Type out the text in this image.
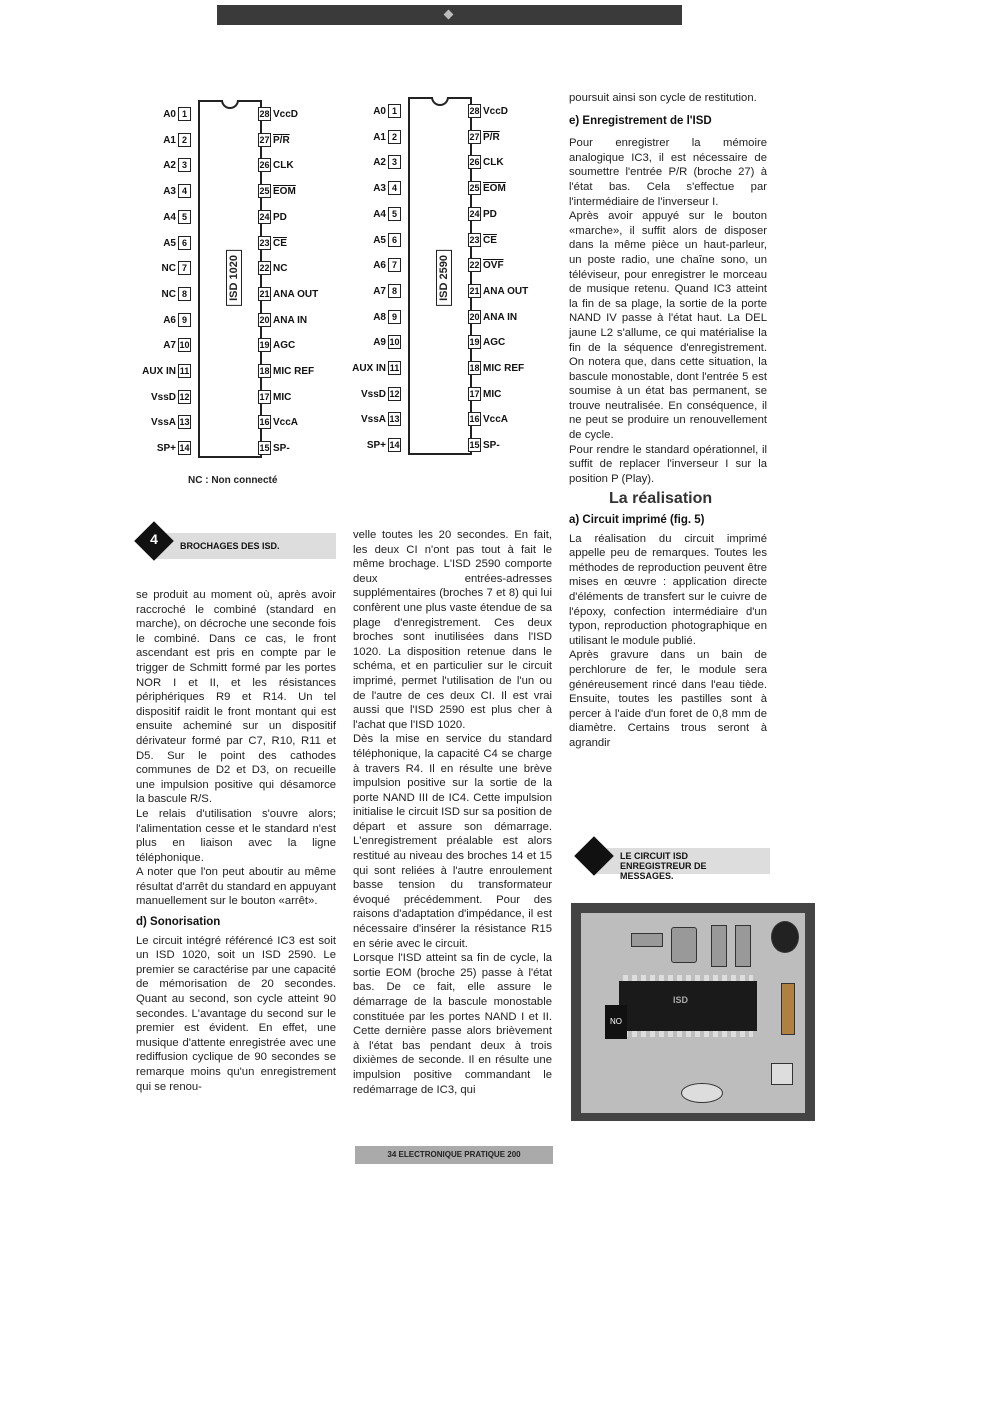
ISD 1020
NC : Non connecté
A0 1
A1 2
A2 3
A3 4
A4 5
A5 6
NC 7
NC 8
A6 9
A7 10
AUX IN 11
VssD 12
VssA 13
SP+ 14
28 VccD
27 P/R
26 CLK
25 $\overline{EOM}$
24 PD
23 $\overline{CE}$
22 NC
21 ANA OUT
20 ANA IN
19 AGC
18 MIC REF
17 MIC
16 VccA
15 SP-
ISD 2590
A0 1
A1 2
A2 3
A3 4
A4 5
A5 6
A6 7
A7 8
A8 9
A9 10
AUX IN 11
VssD 12
VssA 13
SP+ 14
28 VccD
27 P/R
26 CLK
25 $\overline{EOM}$
24 PD
23 $\overline{CE}$
22 $\overline{OVF}$
21 ANA OUT
20 ANA IN
19 AGC
18 MIC REF
17 MIC
16 VccA
15 SP-
4	BROCHAGES DES ISD.

se produit au moment où, après avoir raccroché le combiné (standard en marche), on décroche une seconde fois le combiné. Dans ce cas, le front ascendant est pris en compte par le trigger de Schmitt formé par les portes NOR I et II, et les résistances périphériques R9 et R14. Un tel dispositif raidit le front montant qui est ensuite acheminé sur un dispositif dérivateur formé par C7, R10, R11 et D5. Sur le point des cathodes communes de D2 et D3, on recueille une impulsion positive qui désamorce la bascule R/S.

Le relais d'utilisation s'ouvre alors; l'alimentation cesse et le standard n'est plus en liaison avec la ligne téléphonique.

A noter que l'on peut aboutir au même résultat d'arrêt du standard en appuyant manuellement sur le bouton «arrêt».

d) Sonorisation

Le circuit intégré référencé IC3 est soit un ISD 1020, soit un ISD 2590. Le premier se caractérise par une capacité de mémorisation de 20 secondes. Quant au second, son cycle atteint 90 secondes. L'avantage du second sur le premier est évident. En effet, une musique d'attente enregistrée avec une rediffusion cyclique de 90 secondes se remarque moins qu'un enregistrement qui se renou-

velle toutes les 20 secondes. En fait, les deux CI n'ont pas tout à fait le même brochage. L'ISD 2590 comporte deux entrées-adresses supplémentaires (broches 7 et 8) qui lui confèrent une plus vaste étendue de sa plage d'enregistrement. Ces deux broches sont inutilisées dans l'ISD 1020. La disposition retenue dans le schéma, et en particulier sur le circuit imprimé, permet l'utilisation de l'un ou de l'autre de ces deux CI. Il est vrai aussi que l'ISD 2590 est plus cher à l'achat que l'ISD 1020.

Dès la mise en service du standard téléphonique, la capacité C4 se charge à travers R4. Il en résulte une brève impulsion positive sur la sortie de la porte NAND III de IC4. Cette impulsion initialise le circuit ISD sur sa position de départ et assure son démarrage. L'enregistrement préalable est alors restitué au niveau des broches 14 et 15 qui sont reliées à l'autre enroulement basse tension du transformateur évoqué précédemment. Pour des raisons d'adaptation d'impédance, il est nécessaire d'insérer la résistance R15 en série avec le circuit.

Lorsque l'ISD atteint sa fin de cycle, la sortie EOM (broche 25) passe à l'état bas. De ce fait, elle assure le démarrage de la bascule monostable constituée par les portes NAND I et II. Cette dernière passe alors brièvement à l'état bas pendant deux à trois dixièmes de seconde. Il en résulte une impulsion positive commandant le redémarrage de IC3, qui

poursuit ainsi son cycle de restitution.

e) Enregistrement de l'ISD

Pour enregistrer la mémoire analogique IC3, il est nécessaire de soumettre l'entrée P/R (broche 27) à l'état bas. Cela s'effectue par l'intermédiaire de l'inverseur I.

Après avoir appuyé sur le bouton «marche», il suffit alors de disposer dans la même pièce un haut-parleur, un poste radio, une chaîne sono, un téléviseur, pour enregistrer le morceau de musique retenu. Quand IC3 atteint la fin de sa plage, la sortie de la porte NAND IV passe à l'état haut. La DEL jaune L2 s'allume, ce qui matérialise la fin de la séquence d'enregistrement. On notera que, dans cette situation, la bascule monostable, dont l'entrée 5 est soumise à un état bas permanent, se trouve neutralisée. En conséquence, il ne peut se produire un renouvellement de cycle.

Pour rendre le standard opérationnel, il suffit de replacer l'inverseur I sur la position P (Play).

La réalisation
a) Circuit imprimé (fig. 5)

La réalisation du circuit imprimé appelle peu de remarques. Toutes les méthodes de reproduction peuvent être mises en œuvre : application directe d'éléments de transfert sur le cuivre de l'époxy, confection intermédiaire d'un typon, reproduction photographique en utilisant le module publié.

Après gravure dans un bain de perchlorure de fer, le module sera généreusement rincé dans l'eau tiède. Ensuite, toutes les pastilles sont à percer à l'aide d'un foret de 0,8 mm de diamètre. Certains trous seront à agrandir

LE CIRCUIT ISD ENREGISTREUR DE MESSAGES.
ISD
NO
34 ELECTRONIQUE PRATIQUE 200
